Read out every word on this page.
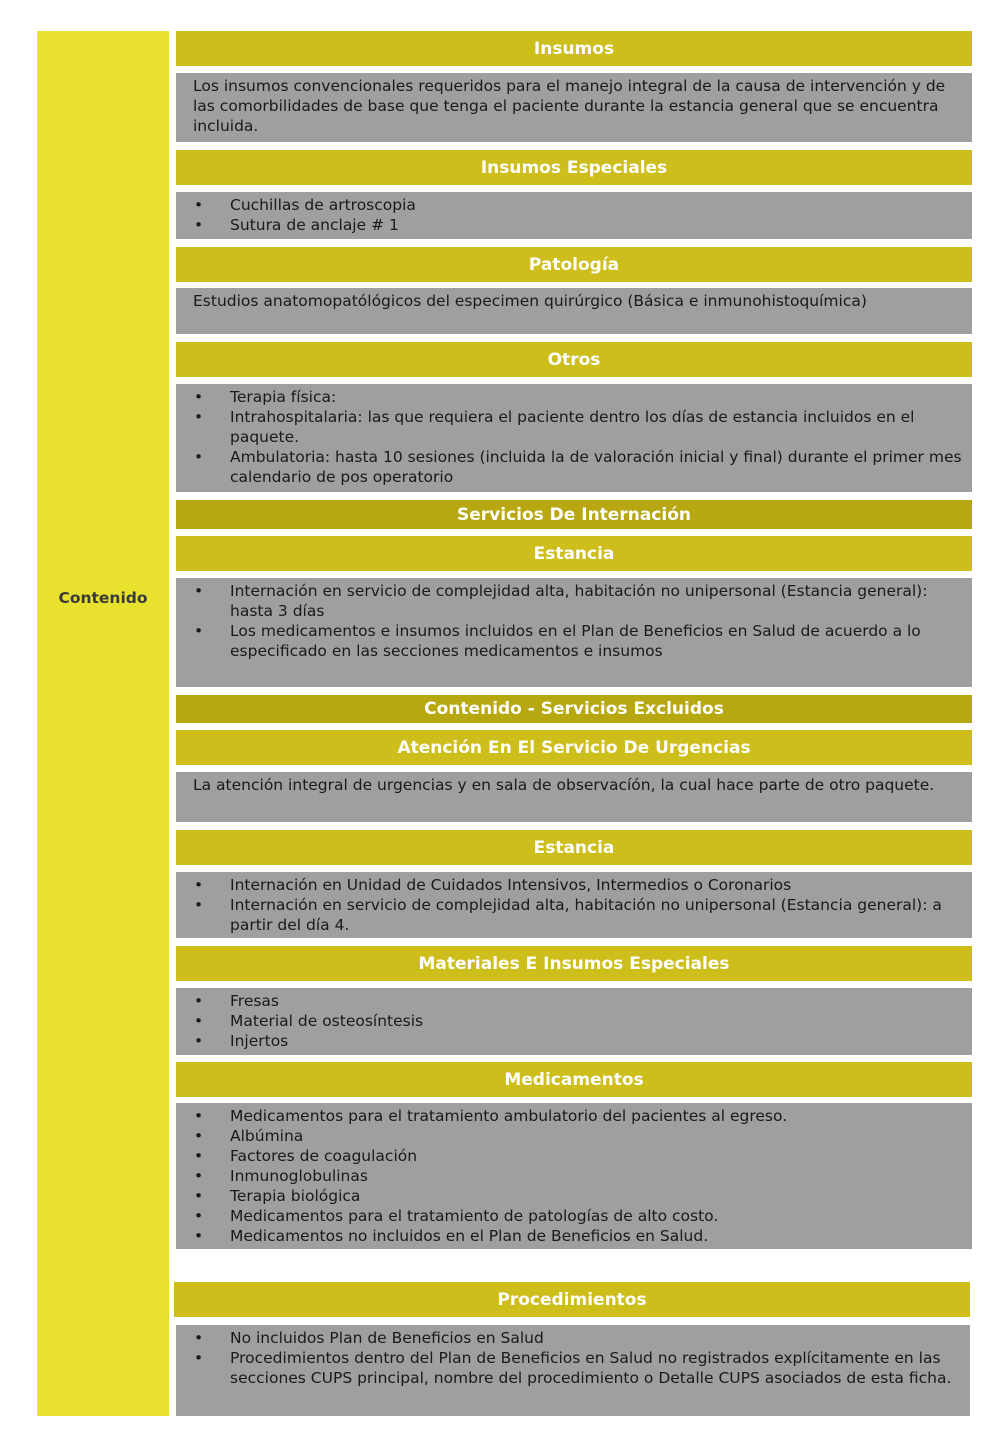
Contenido
Insumos

Los insumos convencionales requeridos para el manejo integral de la causa de intervención y de las comorbilidades de base que tenga el paciente durante la estancia general que se encuentra incluida.

Insumos Especiales
• Cuchillas de artroscopia
• Sutura de anclaje # 1
Patología

Estudios anatomopatólógicos del especimen quirúrgico (Básica e inmunohistoquímica)

Otros
• Terapia física:
• Intrahospitalaria: las que requiera el paciente dentro los días de estancia incluidos en el paquete.
• Ambulatoria: hasta 10 sesiones (incluida la de valoración inicial y final) durante el primer mes calendario de pos operatorio
Servicios De Internación
Estancia
• Internación en servicio de complejidad alta, habitación no unipersonal (Estancia general): hasta 3 días
• Los medicamentos e insumos incluidos en el Plan de Beneficios en Salud de acuerdo a lo especificado en las secciones medicamentos e insumos
Contenido - Servicios Excluidos
Atención En El Servicio De Urgencias

La atención integral de urgencias y en sala de observacíón, la cual hace parte de otro paquete.

Estancia
• Internación en Unidad de Cuidados Intensivos, Intermedios o Coronarios
• Internación en servicio de complejidad alta, habitación no unipersonal (Estancia general): a partir del día 4.
Materiales E Insumos Especiales
• Fresas
• Material de osteosíntesis
• Injertos
Medicamentos
• Medicamentos para el tratamiento ambulatorio del pacientes al egreso.
• Albúmina
• Factores de coagulación
• Inmunoglobulinas
• Terapia biológica
• Medicamentos para el tratamiento de patologías de alto costo.
• Medicamentos no incluidos en el Plan de Beneficios en Salud.
Procedimientos
• No incluidos Plan de Beneficios en Salud
• Procedimientos dentro del Plan de Beneficios en Salud no registrados explícitamente en las secciones CUPS principal, nombre del procedimiento o Detalle CUPS asociados de esta ficha.
